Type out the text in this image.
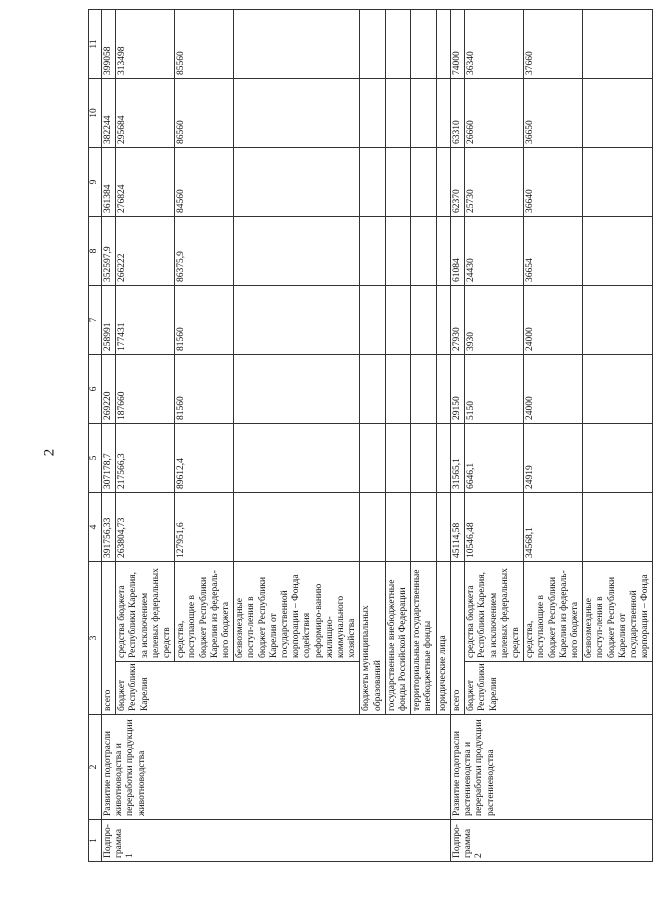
2
1	2	3		4	5	6	7	8	9	10	11
Подпро-
грамма 1	Развитие подотрасли животноводства и переработки продукции животноводства	всего		391756,33	307178,7	269220	258991	352597,9	361384	382244	399058
		бюджет Республики Карелия	средства бюджета Республики Карелия, за исключением целевых федеральных средств	263804,73	217566,3	187660	177431	266222	276824	295684	313498
			средства, поступающие в бюджет Республики Карелия из федераль-ного бюджета	127951,6	89612,4	81560	81560	86375,9	84560	86560	85560
			безвозмездные поступ-ления в бюджет Республики Карелия от государственной корпорации – Фонда содействия реформиро-ванию жилищно-коммунального хозяйства								
		бюджеты муниципальных образований									
		государственные внебюджетные фонды Российской Федерации									
		территориальные государственные внебюджетные фонды									
		юридические лица									
Подпро-
грамма 2	Развитие подотрасли растениеводства и переработки продукции растениеводства	всего		45114,58	31565,1	29150	27930	61084	62370	63310	74000
		бюджет Республики Карелия	средства бюджета Республики Карелия, за исключением целевых федеральных средств	10546,48	6646,1	5150	3930	24430	25730	26660	36340
			средства, поступающие в бюджет Республики Карелия из федераль-ного бюджета	34568,1	24919	24000	24000	36654	36640	36650	37660
			безвозмездные поступ-ления в бюджет Республики Карелия от государственной корпорации – Фонда								
